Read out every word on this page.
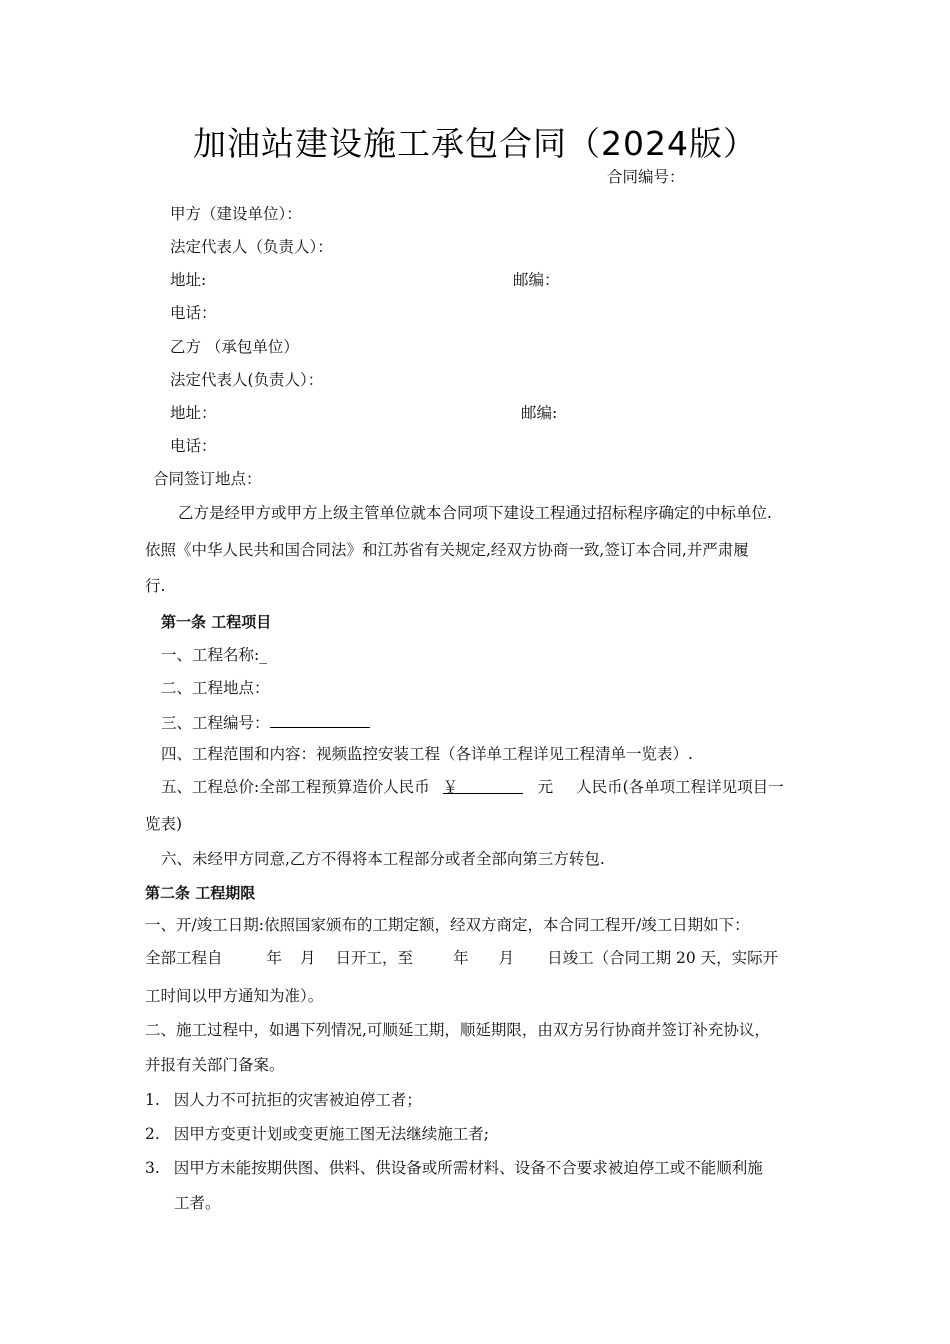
加油站建设施工承包合同（2024版）
合同编号：
甲方（建设单位）：
法定代表人（负责人）：
地址:	邮编：
电话：
乙方 （承包单位）
法定代表人(负责人）：
地址：	邮编:
电话：
合同签订地点：
乙方是经甲方或甲方上级主管单位就本合同项下建设工程通过招标程序确定的中标单位.
依照《中华人民共和国合同法》和江苏省有关规定,经双方协商一致,签订本合同,并严肃履
行.
第一条 工程项目
一、工程名称:_
二、工程地点：
三、工程编号：
四、工程范围和内容：视频监控安装工程（各详单工程详见工程清单一览表）.
五、工程总价:全部工程预算造价人民币 ￥	元 人民币(各单项工程详见项目一
览表)
六、未经甲方同意,乙方不得将本工程部分或者全部向第三方转包.
第二条 工程期限
一、开/竣工日期:依照国家颁布的工期定额，经双方商定，本合同工程开/竣工日期如下：
全部工程自	年 月 日开工，至	年 月 日竣工（合同工期 20 天，实际开
工时间以甲方通知为准）。
二、施工过程中，如遇下列情况,可顺延工期，顺延期限，由双方另行协商并签订补充协议，
并报有关部门备案。
1. 因人力不可抗拒的灾害被迫停工者；
2. 因甲方变更计划或变更施工图无法继续施工者;
3. 因甲方未能按期供图、供料、供设备或所需材料、设备不合要求被迫停工或不能顺利施
工者。
